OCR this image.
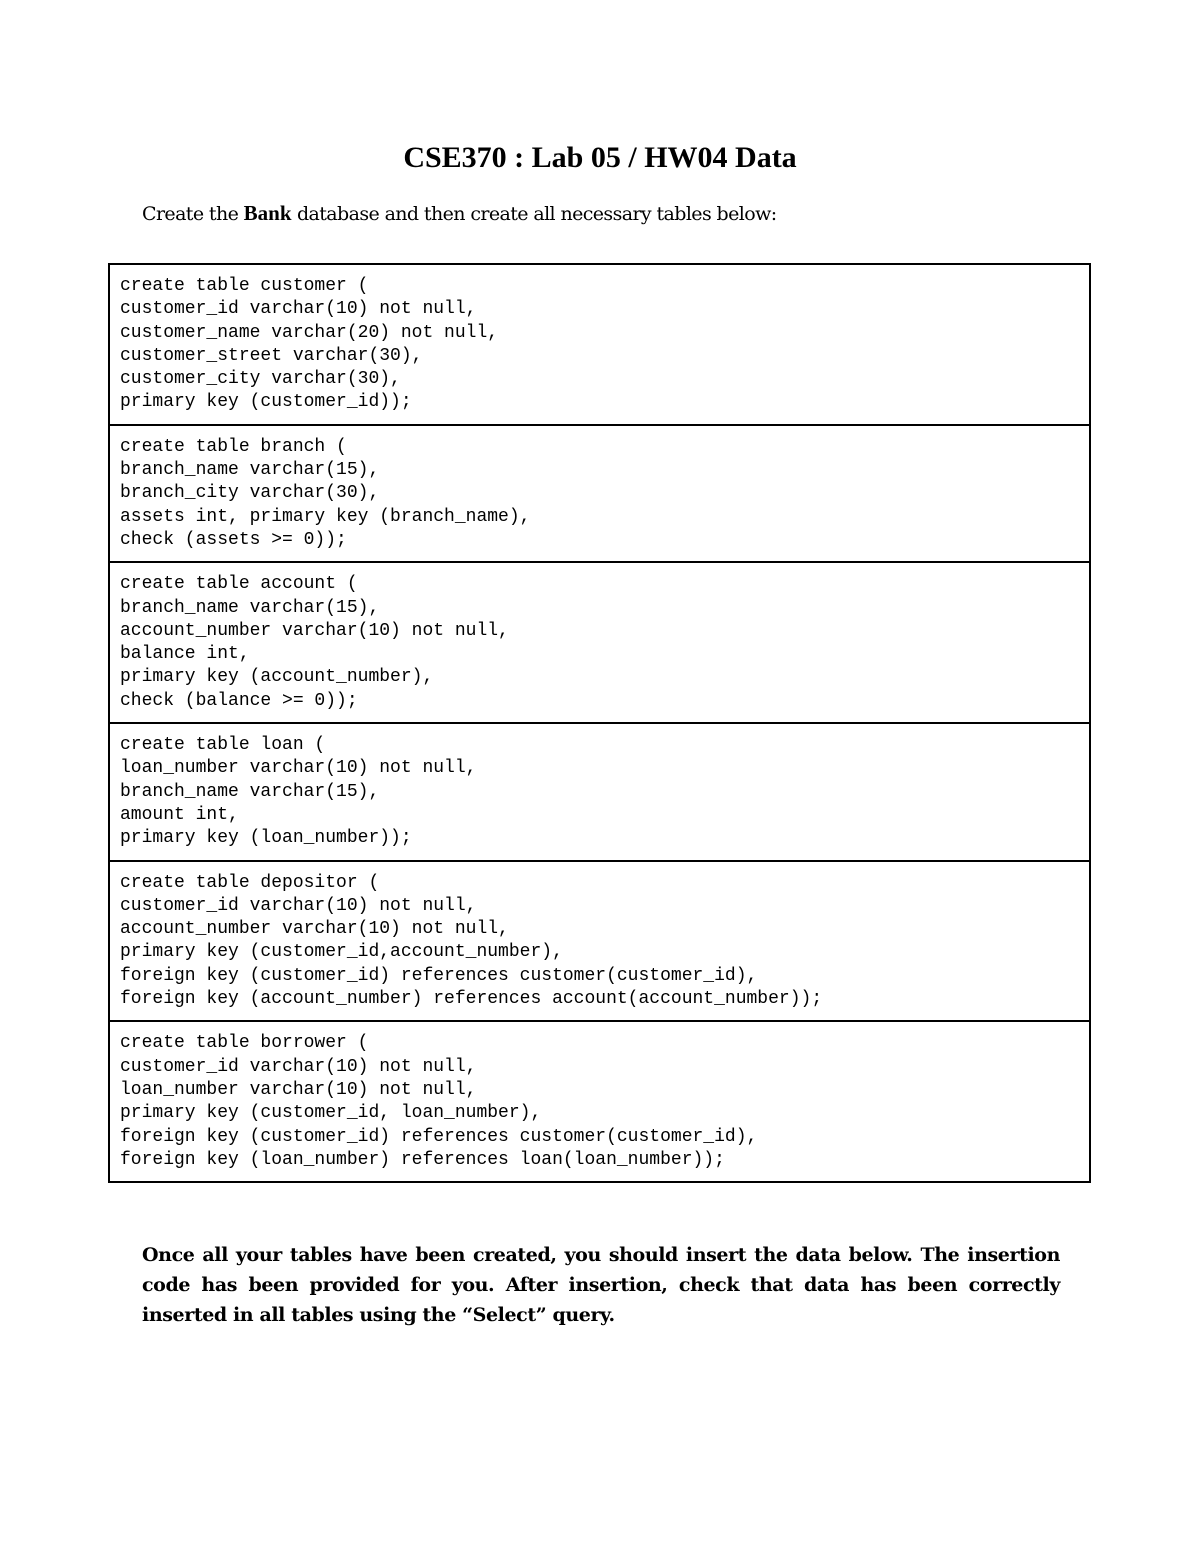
CSE370 : Lab 05 / HW04 Data

Create the Bank database and then create all necessary tables below:

create table customer (
customer_id varchar(10) not null,
customer_name varchar(20) not null,
customer_street varchar(30),
customer_city varchar(30),
primary key (customer_id));

create table branch (
branch_name varchar(15),
branch_city varchar(30),
assets int, primary key (branch_name),
check (assets >= 0));

create table account (
branch_name varchar(15),
account_number varchar(10) not null,
balance int,
primary key (account_number),
check (balance >= 0));

create table loan (
loan_number varchar(10) not null,
branch_name varchar(15),
amount int,
primary key (loan_number));

create table depositor (
customer_id varchar(10) not null,
account_number varchar(10) not null,
primary key (customer_id,account_number),
foreign key (customer_id) references customer(customer_id),
foreign key (account_number) references account(account_number));

create table borrower (
customer_id varchar(10) not null,
loan_number varchar(10) not null,
primary key (customer_id, loan_number),
foreign key (customer_id) references customer(customer_id),
foreign key (loan_number) references loan(loan_number));

Once all your tables have been created, you should insert the data below. The insertion code has been provided for you. After insertion, check that data has been correctly inserted in all tables using the “Select” query.
